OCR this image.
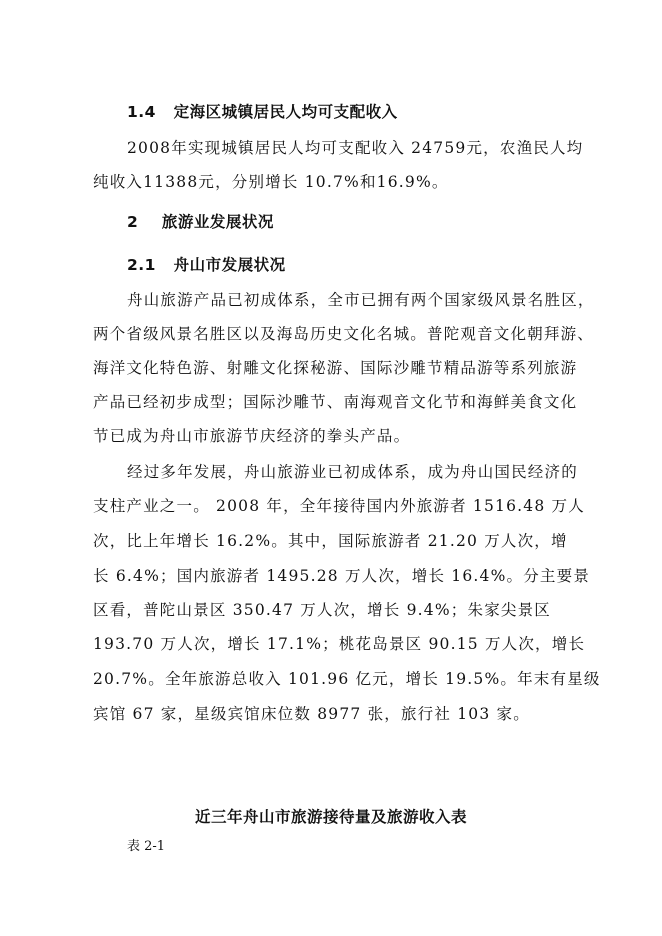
1.4 定海区城镇居民人均可支配收入
2008年实现城镇居民人均可支配收入 24759元，农渔民人均
纯收入11388元，分别增长 10.7%和16.9%。
2 旅游业发展状况
2.1 舟山市发展状况
舟山旅游产品已初成体系，全市已拥有两个国家级风景名胜区，
两个省级风景名胜区以及海岛历史文化名城。普陀观音文化朝拜游、
海洋文化特色游、射雕文化探秘游、国际沙雕节精品游等系列旅游
产品已经初步成型；国际沙雕节、南海观音文化节和海鲜美食文化
节已成为舟山市旅游节庆经济的拳头产品。
经过多年发展，舟山旅游业已初成体系，成为舟山国民经济的
支柱产业之一。 2008 年，全年接待国内外旅游者 1516.48 万人
次，比上年增长 16.2%。其中，国际旅游者 21.20 万人次，增
长 6.4%；国内旅游者 1495.28 万人次，增长 16.4%。分主要景
区看，普陀山景区 350.47 万人次，增长 9.4%；朱家尖景区
193.70 万人次，增长 17.1%；桃花岛景区 90.15 万人次，增长
20.7%。全年旅游总收入 101.96 亿元，增长 19.5%。年末有星级
宾馆 67 家，星级宾馆床位数 8977 张，旅行社 103 家。
近三年舟山市旅游接待量及旅游收入表
表 2-1
